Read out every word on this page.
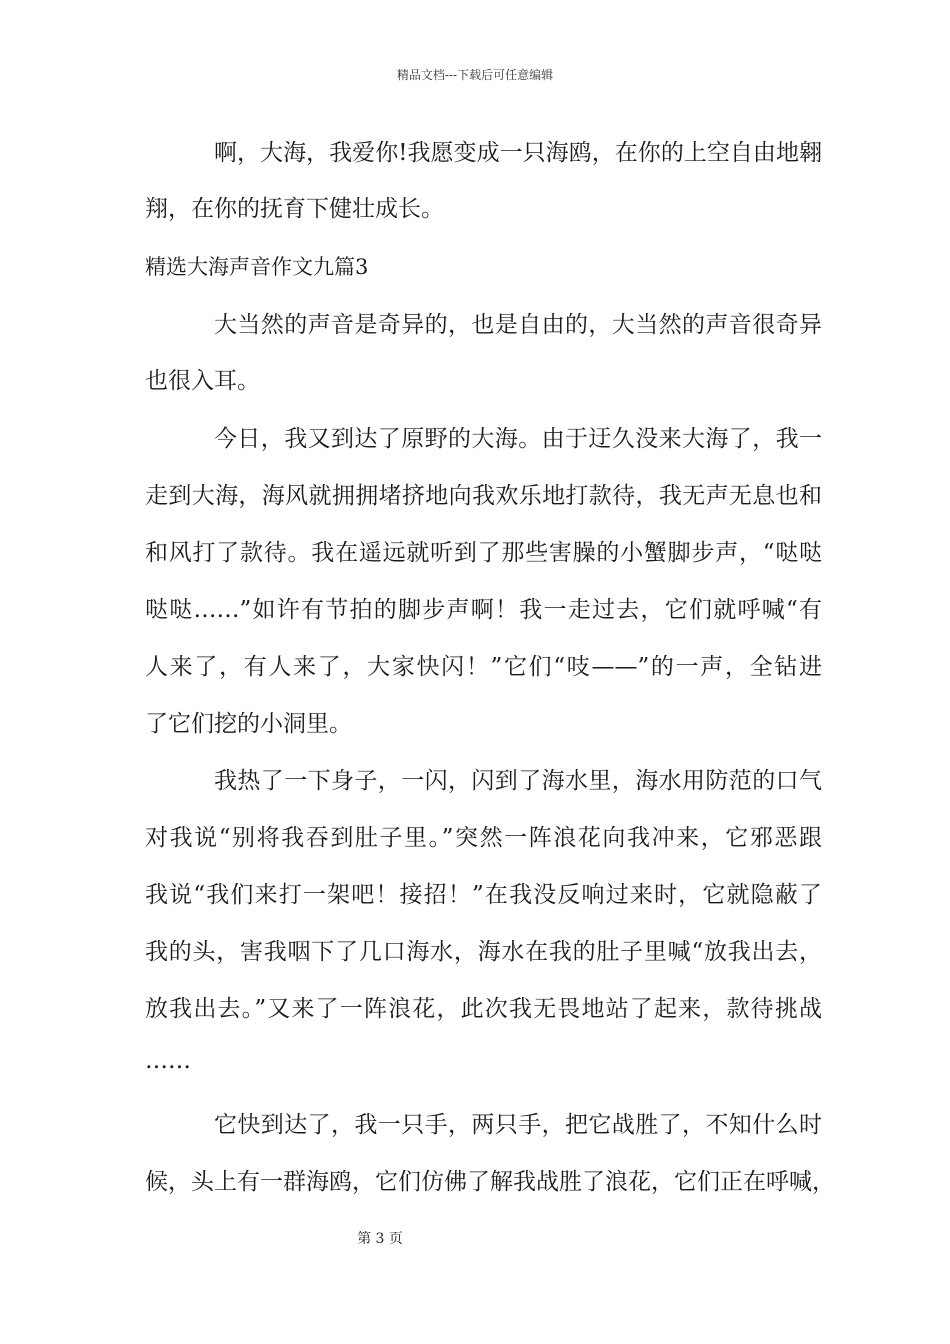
精品文档---下载后可任意编辑
啊，大海，我爱你!我愿变成一只海鸥，在你的上空自由地翱
翔，在你的抚育下健壮成长。
精选大海声音作文九篇3
大当然的声音是奇异的，也是自由的，大当然的声音很奇异
也很入耳。
今日，我又到达了原野的大海。由于迂久没来大海了，我一
走到大海，海风就拥拥堵挤地向我欢乐地打款待，我无声无息也和
和风打了款待。我在遥远就听到了那些害臊的小蟹脚步声，“哒哒
哒哒……”如许有节拍的脚步声啊！我一走过去，它们就呼喊“有
人来了，有人来了，大家快闪！”它们“吱——”的一声，全钻进
了它们挖的小洞里。
我热了一下身子，一闪，闪到了海水里，海水用防范的口气
对我说“别将我吞到肚子里。”突然一阵浪花向我冲来，它邪恶跟
我说“我们来打一架吧！接招！”在我没反响过来时，它就隐蔽了
我的头，害我咽下了几口海水，海水在我的肚子里喊“放我出去，
放我出去。”又来了一阵浪花，此次我无畏地站了起来，款待挑战
……
它快到达了，我一只手，两只手，把它战胜了，不知什么时
候，头上有一群海鸥，它们仿佛了解我战胜了浪花，它们正在呼喊，
第 3 页
